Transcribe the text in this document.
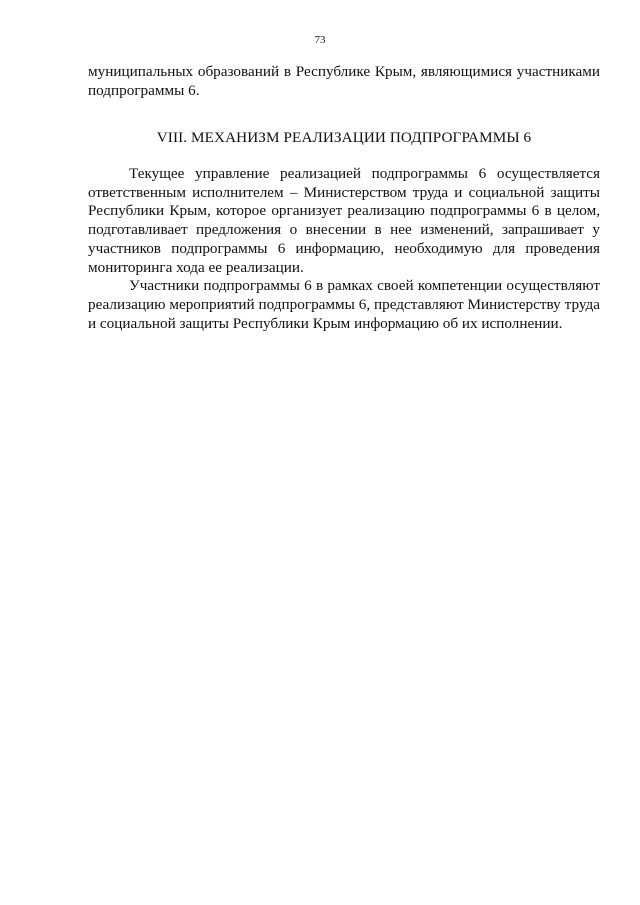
73
муниципальных образований в Республике Крым, являющимися участниками подпрограммы 6.
VIII. МЕХАНИЗМ РЕАЛИЗАЦИИ ПОДПРОГРАММЫ 6

Текущее управление реализацией подпрограммы 6 осуществляется ответственным исполнителем – Министерством труда и социальной защиты Республики Крым, которое организует реализацию подпрограммы 6 в целом, подготавливает предложения о внесении в нее изменений, запрашивает у участников подпрограммы 6 информацию, необходимую для проведения мониторинга хода ее реализации.

Участники подпрограммы 6 в рамках своей компетенции осуществляют реализацию мероприятий подпрограммы 6, представляют Министерству труда и социальной защиты Республики Крым информацию об их исполнении.
